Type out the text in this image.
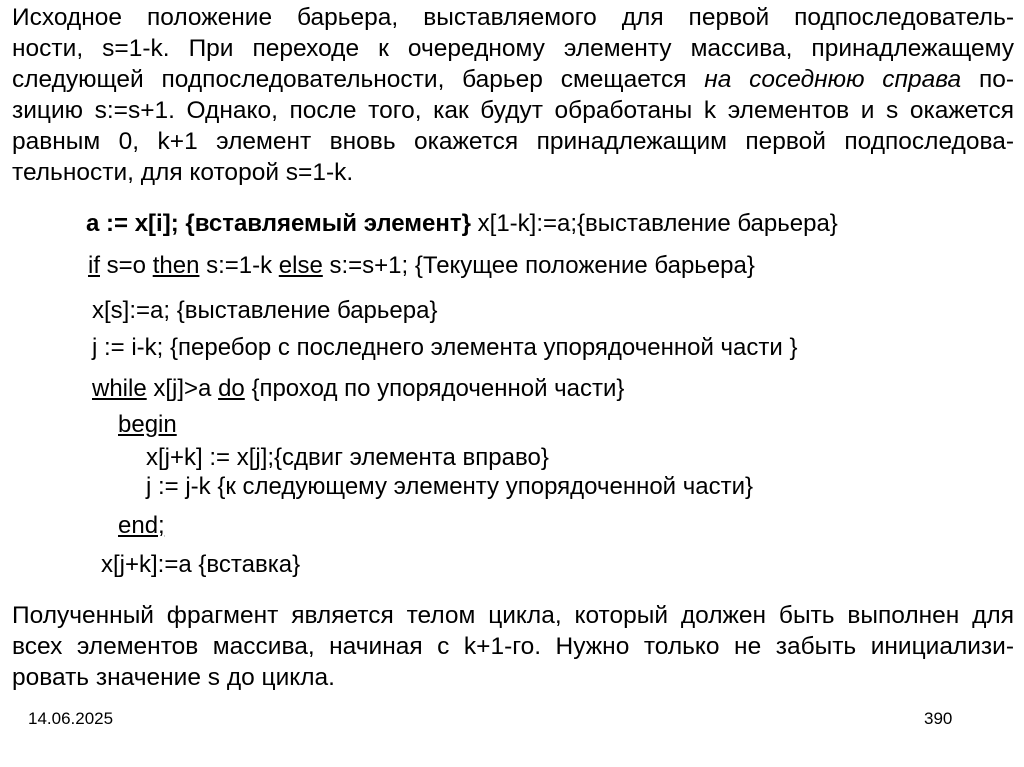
Исходное положение барьера, выставляемого для первой подпоследователь-
ности, s=1-k. При переходе к очередному элементу массива, принадлежащему
следующей подпоследовательности, барьер смещается на соседнюю справа по-
зицию s:=s+1. Однако, после того, как будут обработаны k элементов и s окажется
равным 0, k+1 элемент вновь окажется принадлежащим первой подпоследова-
тельности, для которой s=1-k.
a := x[i]; {вставляемый элемент} x[1-k]:=a;{выставление барьера}
if s=o then s:=1-k else s:=s+1; {Текущее положение барьера}
x[s]:=a; {выставление барьера}
j := i-k; {перебор с последнего элемента упорядоченной части }
while x[j]>a do {проход по упорядоченной части}
begin
x[j+k] := x[j];{сдвиг элемента вправо}
j := j-k {к следующему элементу упорядоченной части}
end;
x[j+k]:=a {вставка}
Полученный фрагмент является телом цикла, который должен быть выполнен для
всех элементов массива, начиная с k+1-го. Нужно только не забыть инициализи-
ровать значение s до цикла.
14.06.2025	390
